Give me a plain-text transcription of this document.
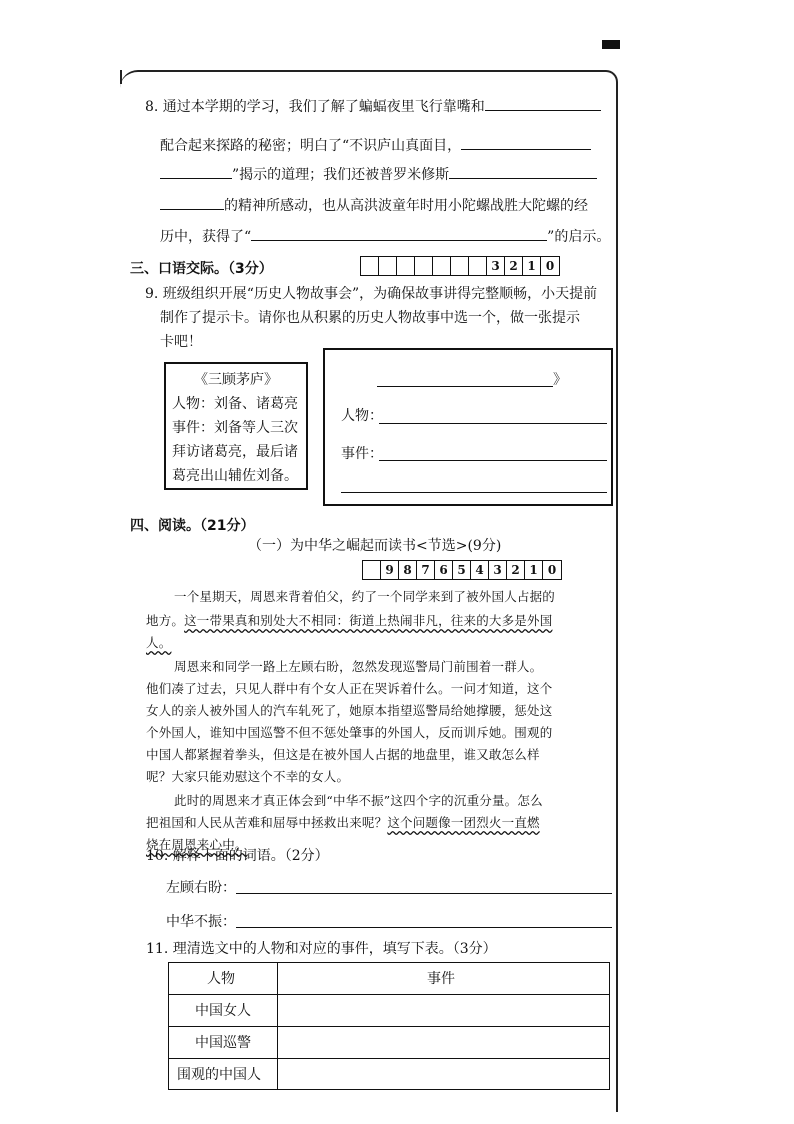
8. 通过本学期的学习，我们了解了蝙蝠夜里飞行靠嘴和
配合起来探路的秘密；明白了“不识庐山真面目，
”揭示的道理；我们还被普罗米修斯
的精神所感动，也从高洪波童年时用小陀螺战胜大陀螺的经
历中，获得了“	”的启示。
三、口语交际。（3分）	3 2 1 0
9. 班级组织开展“历史人物故事会”，为确保故事讲得完整顺畅，小天提前
制作了提示卡。请你也从积累的历史人物故事中选一个，做一张提示
卡吧！
《三顾茅庐》
人物：刘备、诸葛亮
事件：刘备等人三次
拜访诸葛亮，最后诸
葛亮出山辅佐刘备。
》
人物：
事件：
四、阅读。（21分）
（一）为中华之崛起而读书<节选>(9分)
9 8 7 6 5 4 3 2 1 0
一个星期天，周恩来背着伯父，约了一个同学来到了被外国人占据的
地方。这一带果真和别处大不相同：街道上热闹非凡，往来的大多是外国
人。
周恩来和同学一路上左顾右盼，忽然发现巡警局门前围着一群人。
他们凑了过去，只见人群中有个女人正在哭诉着什么。一问才知道，这个
女人的亲人被外国人的汽车轧死了，她原本指望巡警局给她撑腰，惩处这
个外国人，谁知中国巡警不但不惩处肇事的外国人，反而训斥她。围观的
中国人都紧握着拳头，但这是在被外国人占据的地盘里，谁又敢怎么样
呢？大家只能劝慰这个不幸的女人。
此时的周恩来才真正体会到“中华不振”这四个字的沉重分量。怎么
把祖国和人民从苦难和屈辱中拯救出来呢？这个问题像一团烈火一直燃
烧在周恩来心中。
10. 解释下面的词语。（2分）
左顾右盼：
中华不振：
11. 理清选文中的人物和对应的事件，填写下表。（3分）
人物	事件
中国女人
中国巡警
围观的中国人
